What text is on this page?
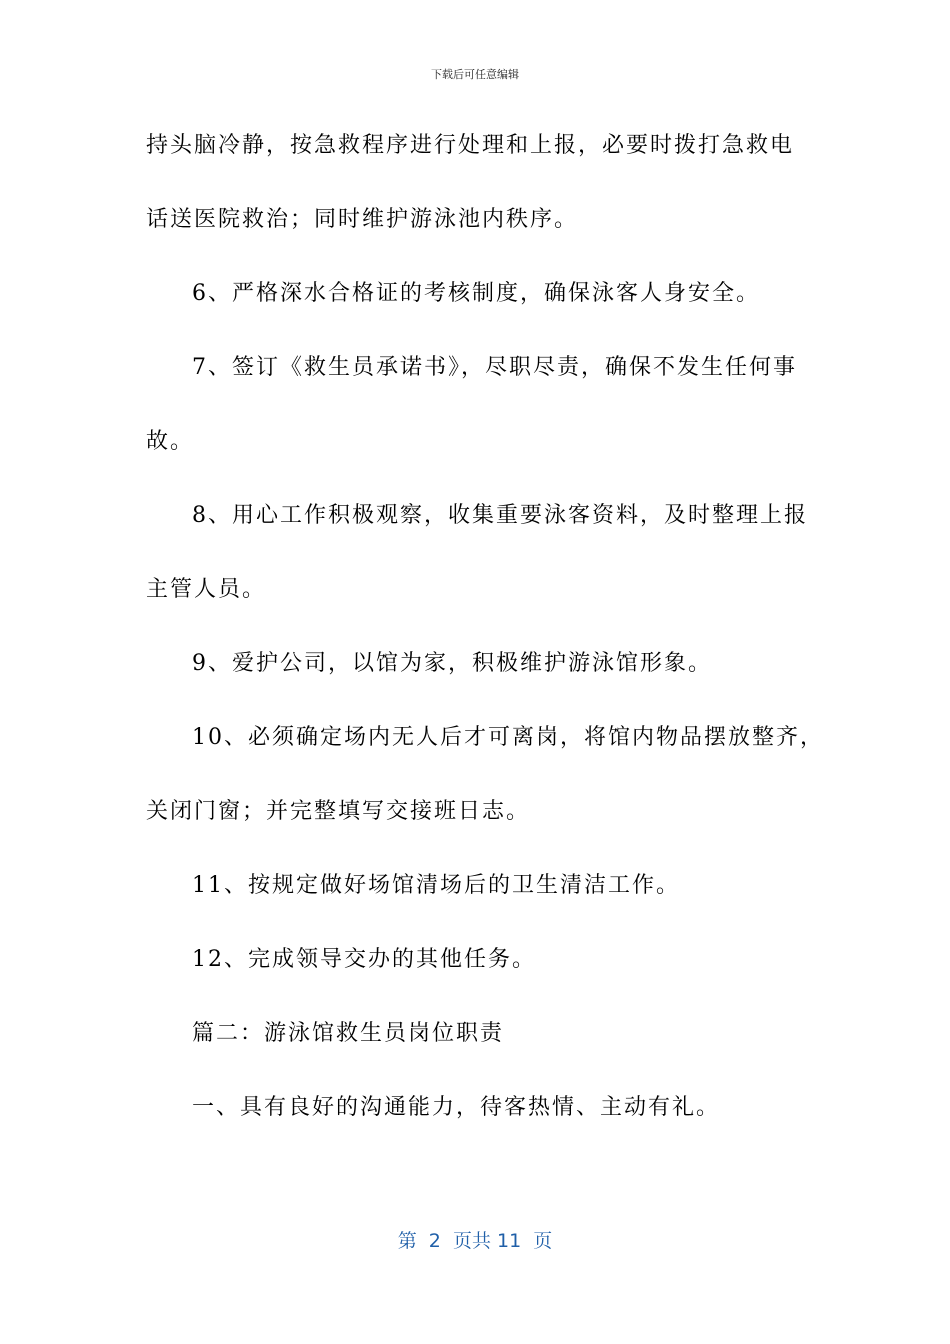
下载后可任意编辑
持头脑冷静，按急救程序进行处理和上报，必要时拨打急救电
话送医院救治；同时维护游泳池内秩序。
6、严格深水合格证的考核制度，确保泳客人身安全。
7、签订《救生员承诺书》，尽职尽责，确保不发生任何事
故。
8、用心工作积极观察，收集重要泳客资料，及时整理上报
主管人员。
9、爱护公司，以馆为家，积极维护游泳馆形象。
10、必须确定场内无人后才可离岗，将馆内物品摆放整齐，
关闭门窗；并完整填写交接班日志。
11、按规定做好场馆清场后的卫生清洁工作。
12、完成领导交办的其他任务。
篇二：游泳馆救生员岗位职责
一、具有良好的沟通能力，待客热情、主动有礼。
第  2  页共 11  页
